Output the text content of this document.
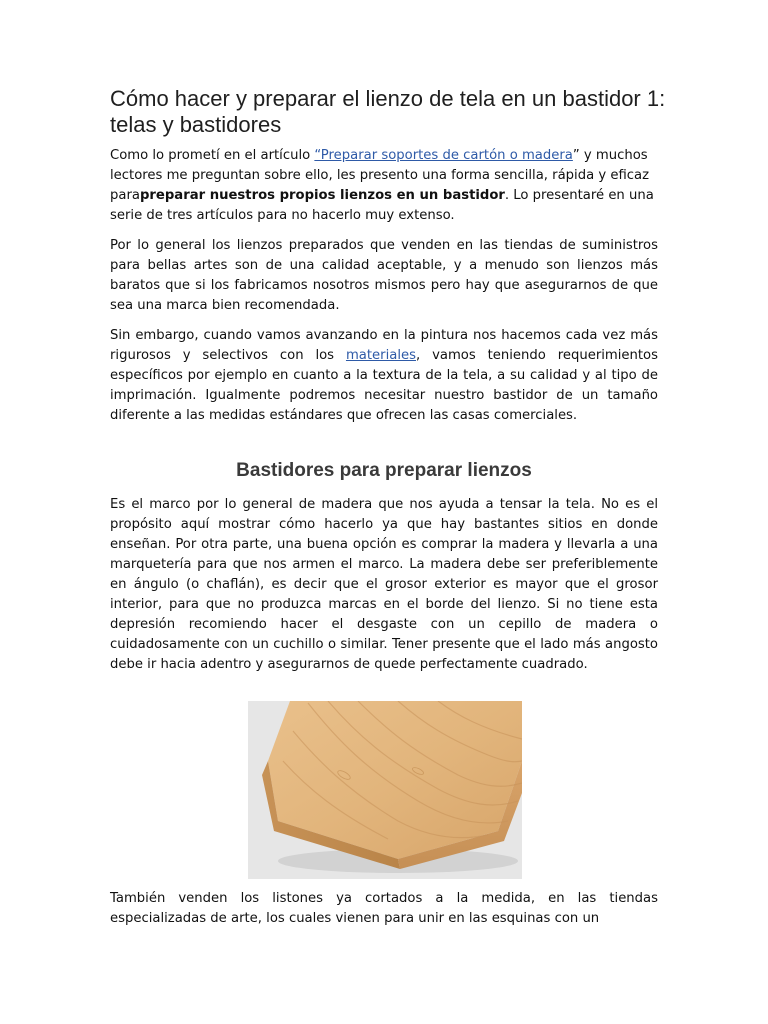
Cómo hacer y preparar el lienzo de tela en un bastidor 1: telas y bastidores

Como lo prometí en el artículo “Preparar soportes de cartón o madera” y muchos lectores me preguntan sobre ello, les presento una forma sencilla, rápida y eficaz parapreparar nuestros propios lienzos en un bastidor. Lo presentaré en una serie de tres artículos para no hacerlo muy extenso.

Por lo general los lienzos preparados que venden en las tiendas de suministros para bellas artes son de una calidad aceptable, y a menudo son lienzos más baratos que si los fabricamos nosotros mismos pero hay que asegurarnos de que sea una marca bien recomendada.

Sin embargo, cuando vamos avanzando en la pintura nos hacemos cada vez más rigurosos y selectivos con los materiales, vamos teniendo requerimientos específicos por ejemplo en cuanto a la textura de la tela, a su calidad y al tipo de imprimación. Igualmente podremos necesitar nuestro bastidor de un tamaño diferente a las medidas estándares que ofrecen las casas comerciales.

Bastidores para preparar lienzos

Es el marco por lo general de madera que nos ayuda a tensar la tela. No es el propósito aquí mostrar cómo hacerlo ya que hay bastantes sitios en donde enseñan. Por otra parte, una buena opción es comprar la madera y llevarla a una marquetería para que nos armen el marco. La madera debe ser preferiblemente en ángulo (o chaflán), es decir que el grosor exterior es mayor que el grosor interior, para que no produzca marcas en el borde del lienzo. Si no tiene esta depresión recomiendo hacer el desgaste con un cepillo de madera o cuidadosamente con un cuchillo o similar. Tener presente que el lado más angosto debe ir hacia adentro y asegurarnos de quede perfectamente cuadrado.

También venden los listones ya cortados a la medida, en las tiendas especializadas de arte, los cuales vienen para unir en las esquinas con un
